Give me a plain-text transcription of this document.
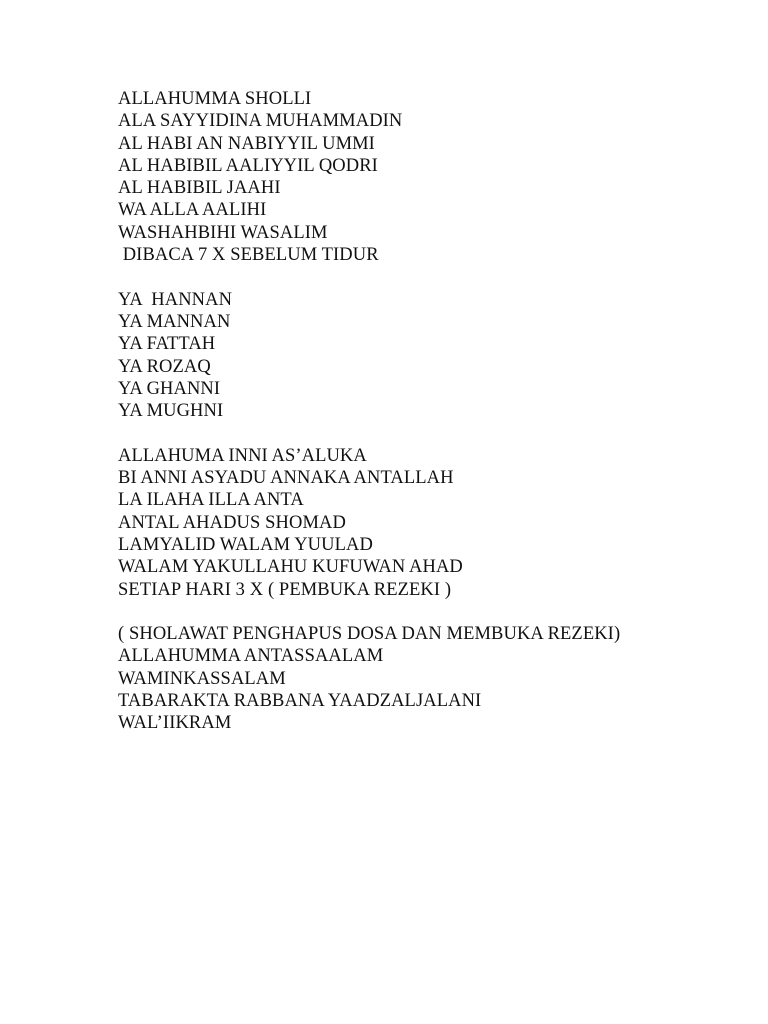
ALLAHUMMA SHOLLI
ALA SAYYIDINA MUHAMMADIN
AL HABI AN NABIYYIL UMMI
AL HABIBIL AALIYYIL QODRI
AL HABIBIL JAAHI
WA ALLA AALIHI
WASHAHBIHI WASALIM
DIBACA 7 X SEBELUM TIDUR
YA  HANNAN
YA MANNAN
YA FATTAH
YA ROZAQ
YA GHANNI
YA MUGHNI
ALLAHUMA INNI AS’ALUKA
BI ANNI ASYADU ANNAKA ANTALLAH
LA ILAHA ILLA ANTA
ANTAL AHADUS SHOMAD
LAMYALID WALAM YUULAD
WALAM YAKULLAHU KUFUWAN AHAD
SETIAP HARI 3 X ( PEMBUKA REZEKI )
( SHOLAWAT PENGHAPUS DOSA DAN MEMBUKA REZEKI)
ALLAHUMMA ANTASSAALAM
WAMINKASSALAM
TABARAKTA RABBANA YAADZALJALANI
WAL’IIKRAM
